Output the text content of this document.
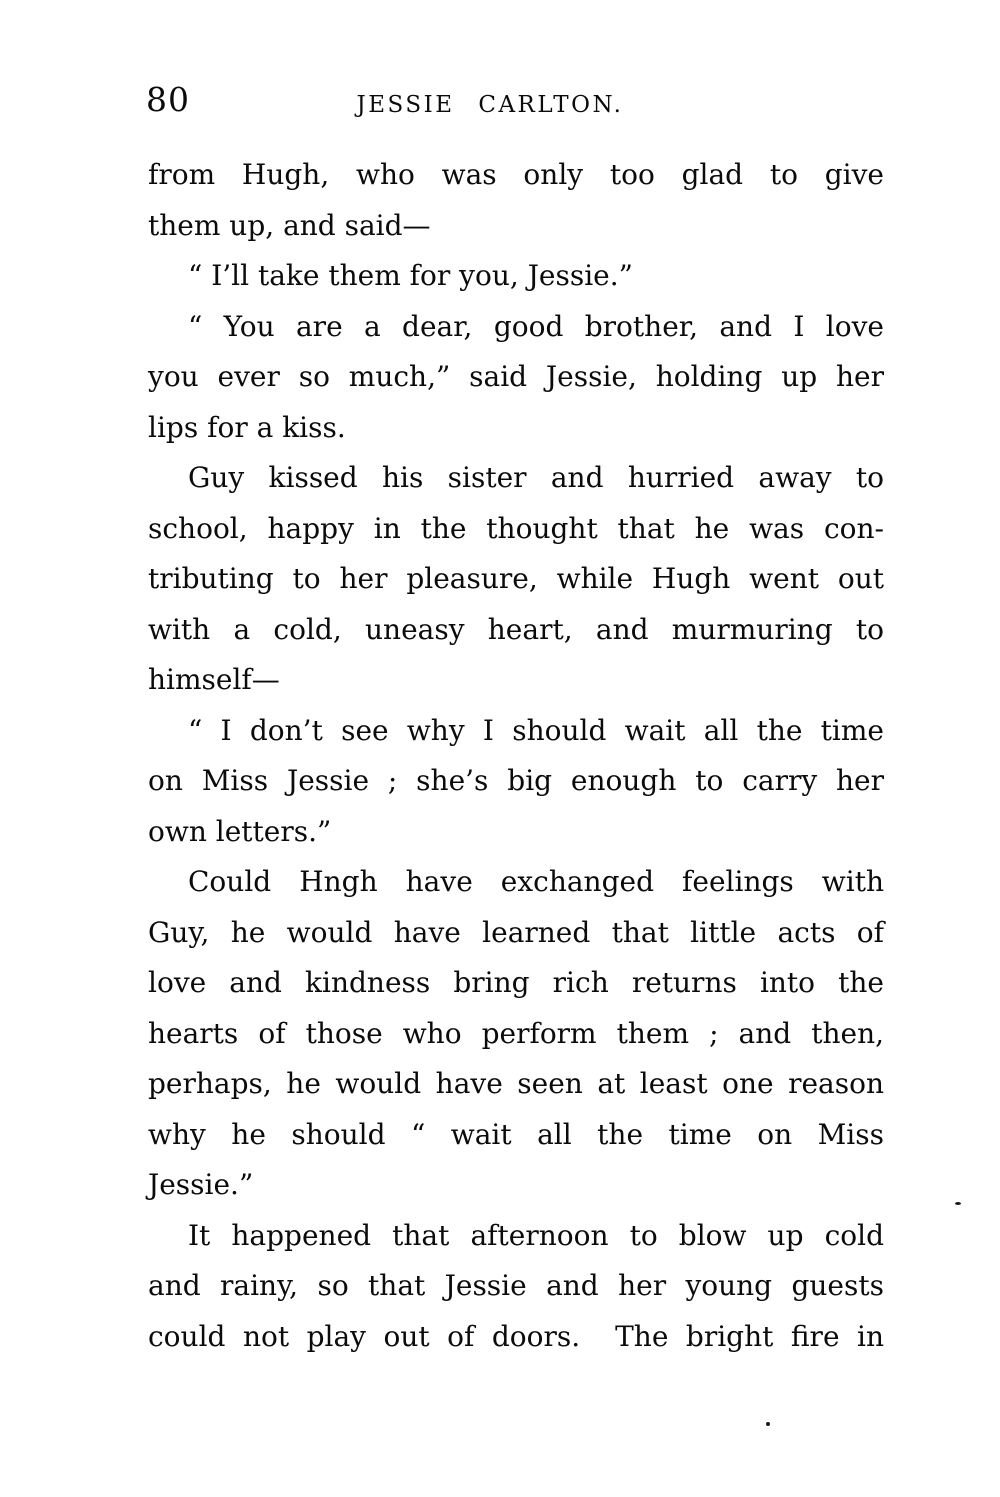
80	JESSIE CARLTON.

from Hugh, who was only too glad to give
them up, and said—

“ I’ll take them for you, Jessie.”

“ You are a dear, good brother, and I love
you ever so much,” said Jessie, holding up her
lips for a kiss.

Guy kissed his sister and hurried away to
school, happy in the thought that he was con-
tributing to her pleasure, while Hugh went out
with a cold, uneasy heart, and murmuring to
himself—

“ I don’t see why I should wait all the time
on Miss Jessie ; she’s big enough to carry her
own letters.”

Could Hngh have exchanged feelings with
Guy, he would have learned that little acts of
love and kindness bring rich returns into the
hearts of those who perform them ; and then,
perhaps, he would have seen at least one reason
why he should “ wait all the time on Miss
Jessie.”

It happened that afternoon to blow up cold
and rainy, so that Jessie and her young guests
could not play out of doors.  The bright fire in
